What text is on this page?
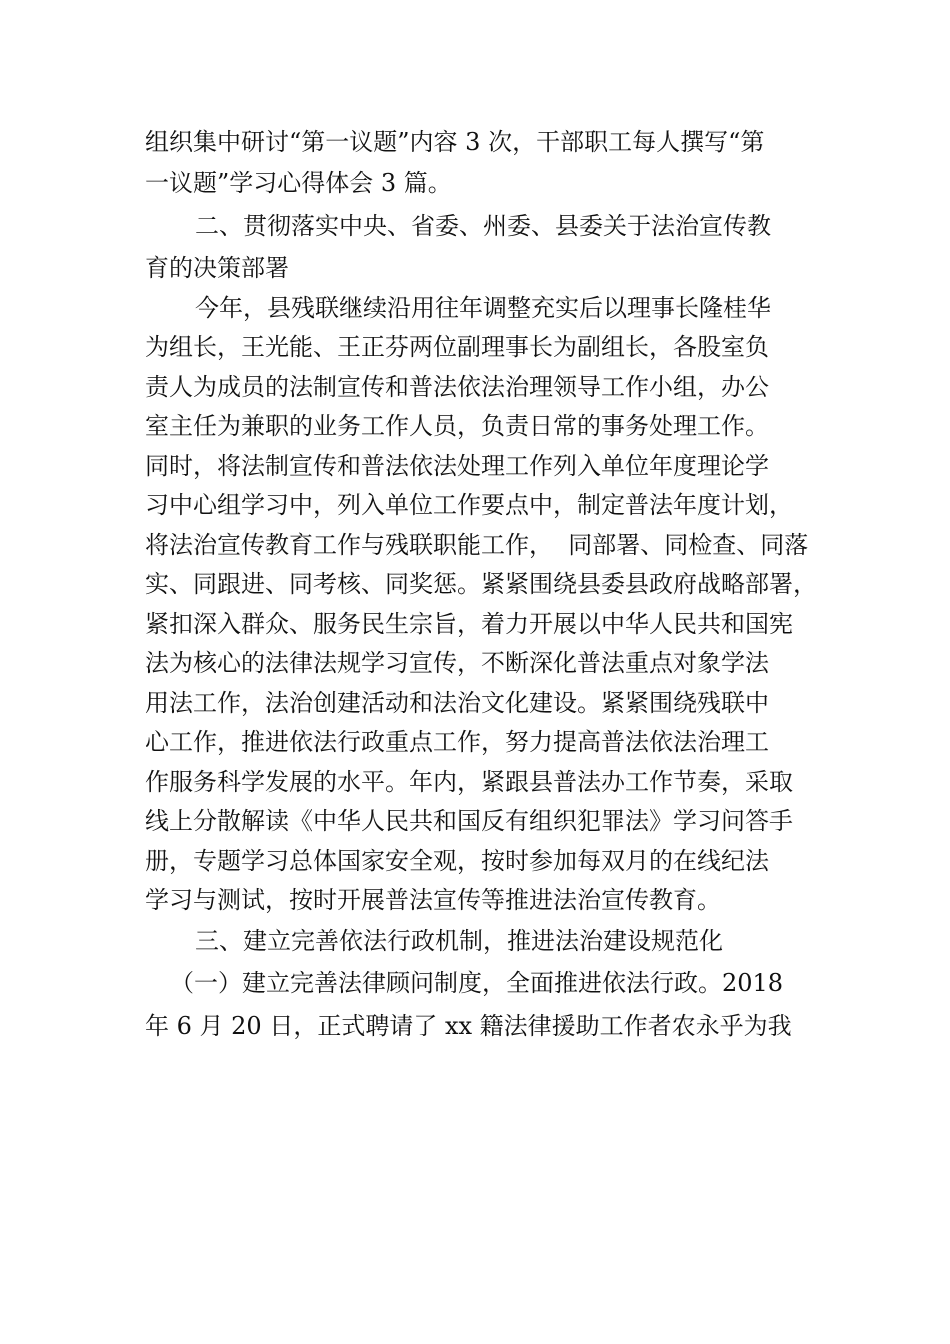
组织集中研讨“第一议题”内容 3 次，干部职工每人撰写“第
一议题”学习心得体会 3 篇。
二、贯彻落实中央、省委、州委、县委关于法治宣传教
育的决策部署
今年，县残联继续沿用往年调整充实后以理事长隆桂华
为组长，王光能、王正芬两位副理事长为副组长，各股室负
责人为成员的法制宣传和普法依法治理领导工作小组，办公
室主任为兼职的业务工作人员，负责日常的事务处理工作。
同时，将法制宣传和普法依法处理工作列入单位年度理论学
习中心组学习中，列入单位工作要点中，制定普法年度计划，
将法治宣传教育工作与残联职能工作，  同部署、同检查、同落
实、同跟进、同考核、同奖惩。紧紧围绕县委县政府战略部署，
紧扣深入群众、服务民生宗旨，着力开展以中华人民共和国宪
法为核心的法律法规学习宣传，不断深化普法重点对象学法
用法工作，法治创建活动和法治文化建设。紧紧围绕残联中
心工作，推进依法行政重点工作，努力提高普法依法治理工
作服务科学发展的水平。年内，紧跟县普法办工作节奏，采取
线上分散解读《中华人民共和国反有组织犯罪法》学习问答手
册，专题学习总体国家安全观，按时参加每双月的在线纪法
学习与测试，按时开展普法宣传等推进法治宣传教育。
三、建立完善依法行政机制，推进法治建设规范化
（一）建立完善法律顾问制度，全面推进依法行政。2018
年 6 月 20 日，正式聘请了 xx 籍法律援助工作者农永乎为我
